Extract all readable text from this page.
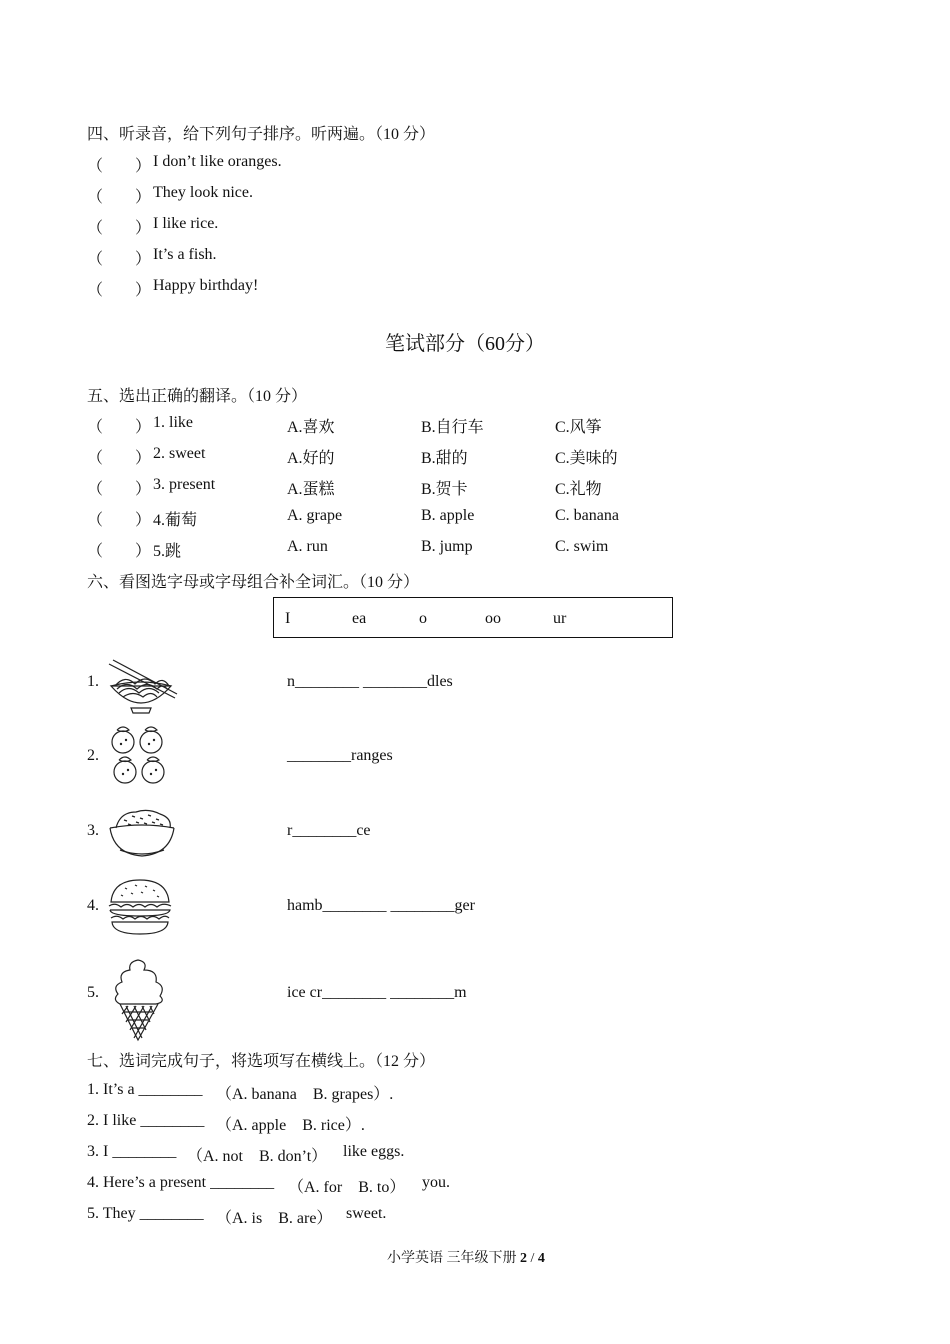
四、听录音，给下列句子排序。听两遍。（10 分）
（　　） I don’t like oranges.
（　　） They look nice.
（　　） I like rice.
（　　） It’s a fish.
（　　） Happy birthday!
笔试部分（60分）
五、选出正确的翻译。（10 分）
（　　） 1. like	A.喜欢	B.自行车	C.风筝
（　　） 2. sweet	A.好的	B.甜的	C.美味的
（　　） 3. present	A.蛋糕	B.贺卡	C.礼物
（　　） 4.葡萄	A. grape	B. apple	C. banana
（　　） 5.跳	A. run	B. jump	C. swim
六、看图选字母或字母组合补全词汇。（10 分）
I	ea	o	oo	ur
1.	n________ ________dles
2.	________ranges
3.	r________ce
4.	hamb________ ________ger
5.	ice cr________ ________m
七、选词完成句子，将选项写在横线上。（12 分）
1. It’s a ________ （A. banana　B. grapes）.
2. I like ________ （A. apple　B. rice）.
3. I ________ （A. not　B. don’t） like eggs.
4. Here’s a present ________ （A. for　B. to） you.
5. They ________ （A. is　B. are） sweet.
小学英语 三年级下册 2 / 4
